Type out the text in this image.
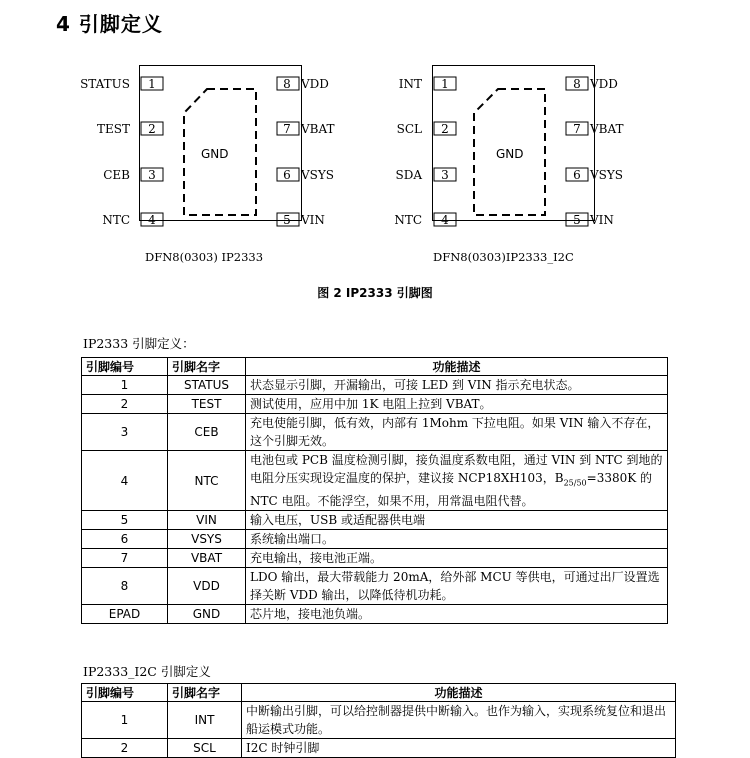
4 引脚定义
1
2
3
4
8
7
6
5
GND
STATUS
TEST
CEB
NTC
VDD
VBAT
VSYS
VIN
DFN8(0303) IP2333
1
2
3
4
8
7
6
5
GND
INT
SCL
SDA
NTC
VDD
VBAT
VSYS
VIN
DFN8(0303)IP2333_I2C
图 2 IP2333 引脚图
IP2333 引脚定义：
引脚编号	引脚名字	功能描述
1	STATUS	状态显示引脚，开漏输出，可接 LED 到 VIN 指示充电状态。
2	TEST	测试使用，应用中加 1K 电阻上拉到 VBAT。
3	CEB	充电使能引脚，低有效，内部有 1Mohm 下拉电阻。如果 VIN 输入不存在，这个引脚无效。
4	NTC	电池包或 PCB 温度检测引脚，接负温度系数电阻，通过 VIN 到 NTC 到地的电阻分压实现设定温度的保护，建议接 NCP18XH103，$B_{25/50}=3380K$ 的 NTC 电阻。不能浮空，如果不用，用常温电阻代替。
5	VIN	输入电压，USB 或适配器供电端
6	VSYS	系统输出端口。
7	VBAT	充电输出，接电池正端。
8	VDD	LDO 输出，最大带载能力 20mA，给外部 MCU 等供电，可通过出厂设置选择关断 VDD 输出，以降低待机功耗。
EPAD	GND	芯片地，接电池负端。
IP2333_I2C 引脚定义
引脚编号	引脚名字	功能描述
1	INT	中断输出引脚，可以给控制器提供中断输入。也作为输入，实现系统复位和退出船运模式功能。
2	SCL	I2C 时钟引脚
